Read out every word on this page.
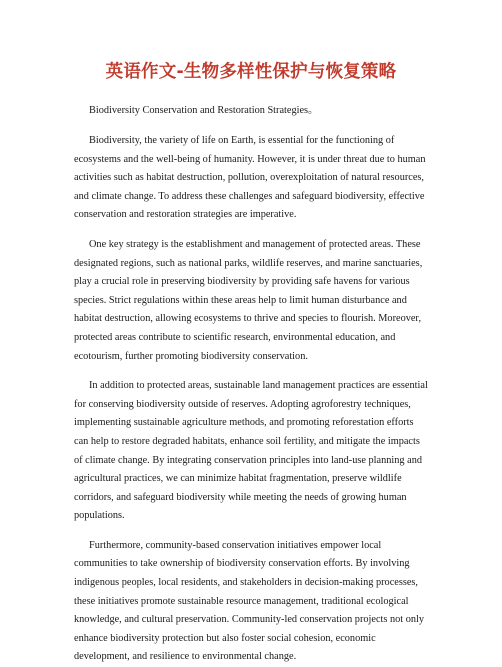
英语作文-生物多样性保护与恢复策略

Biodiversity Conservation and Restoration Strategies。

Biodiversity, the variety of life on Earth, is essential for the functioning of ecosystems and the well-being of humanity. However, it is under threat due to human activities such as habitat destruction, pollution, overexploitation of natural resources, and climate change. To address these challenges and safeguard biodiversity, effective conservation and restoration strategies are imperative.

One key strategy is the establishment and management of protected areas. These designated regions, such as national parks, wildlife reserves, and marine sanctuaries, play a crucial role in preserving biodiversity by providing safe havens for various species. Strict regulations within these areas help to limit human disturbance and habitat destruction, allowing ecosystems to thrive and species to flourish. Moreover, protected areas contribute to scientific research, environmental education, and ecotourism, further promoting biodiversity conservation.

In addition to protected areas, sustainable land management practices are essential for conserving biodiversity outside of reserves. Adopting agroforestry techniques, implementing sustainable agriculture methods, and promoting reforestation efforts can help to restore degraded habitats, enhance soil fertility, and mitigate the impacts of climate change. By integrating conservation principles into land-use planning and agricultural practices, we can minimize habitat fragmentation, preserve wildlife corridors, and safeguard biodiversity while meeting the needs of growing human populations.

Furthermore, community-based conservation initiatives empower local communities to take ownership of biodiversity conservation efforts. By involving indigenous peoples, local residents, and stakeholders in decision-making processes, these initiatives promote sustainable resource management, traditional ecological knowledge, and cultural preservation. Community-led conservation projects not only enhance biodiversity protection but also foster social cohesion, economic development, and resilience to environmental change.
